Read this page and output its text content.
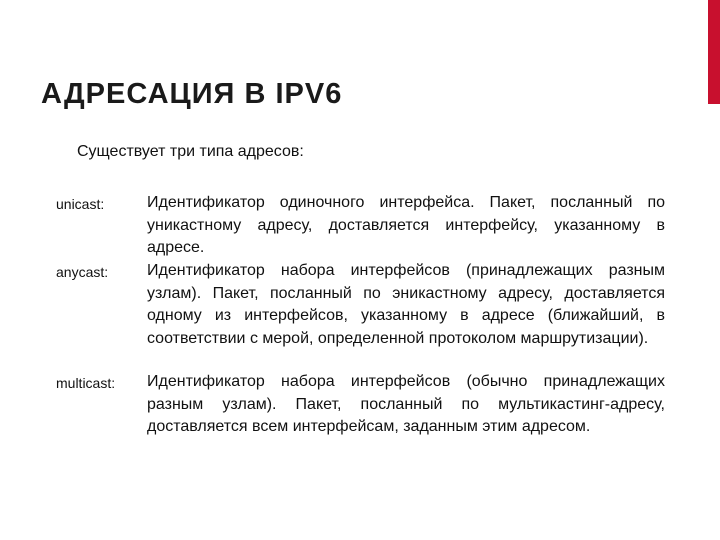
АДРЕСАЦИЯ В IPV6
Существует три типа адресов:
unicast:	Идентификатор одиночного интерфейса. Пакет, посланный по уникастному адресу, доставляется интерфейсу, указанному в адресе.
anycast: Идентификатор набора интерфейсов (принадлежащих разным узлам). Пакет, посланный по эникастному адресу, доставляется одному из интерфейсов, указанному в адресе (ближайший, в соответствии с мерой, определенной протоколом маршрутизации).
multicast: Идентификатор набора интерфейсов (обычно принадлежащих разным узлам). Пакет, посланный по мультикастинг-адресу, доставляется всем интерфейсам, заданным этим адресом.
